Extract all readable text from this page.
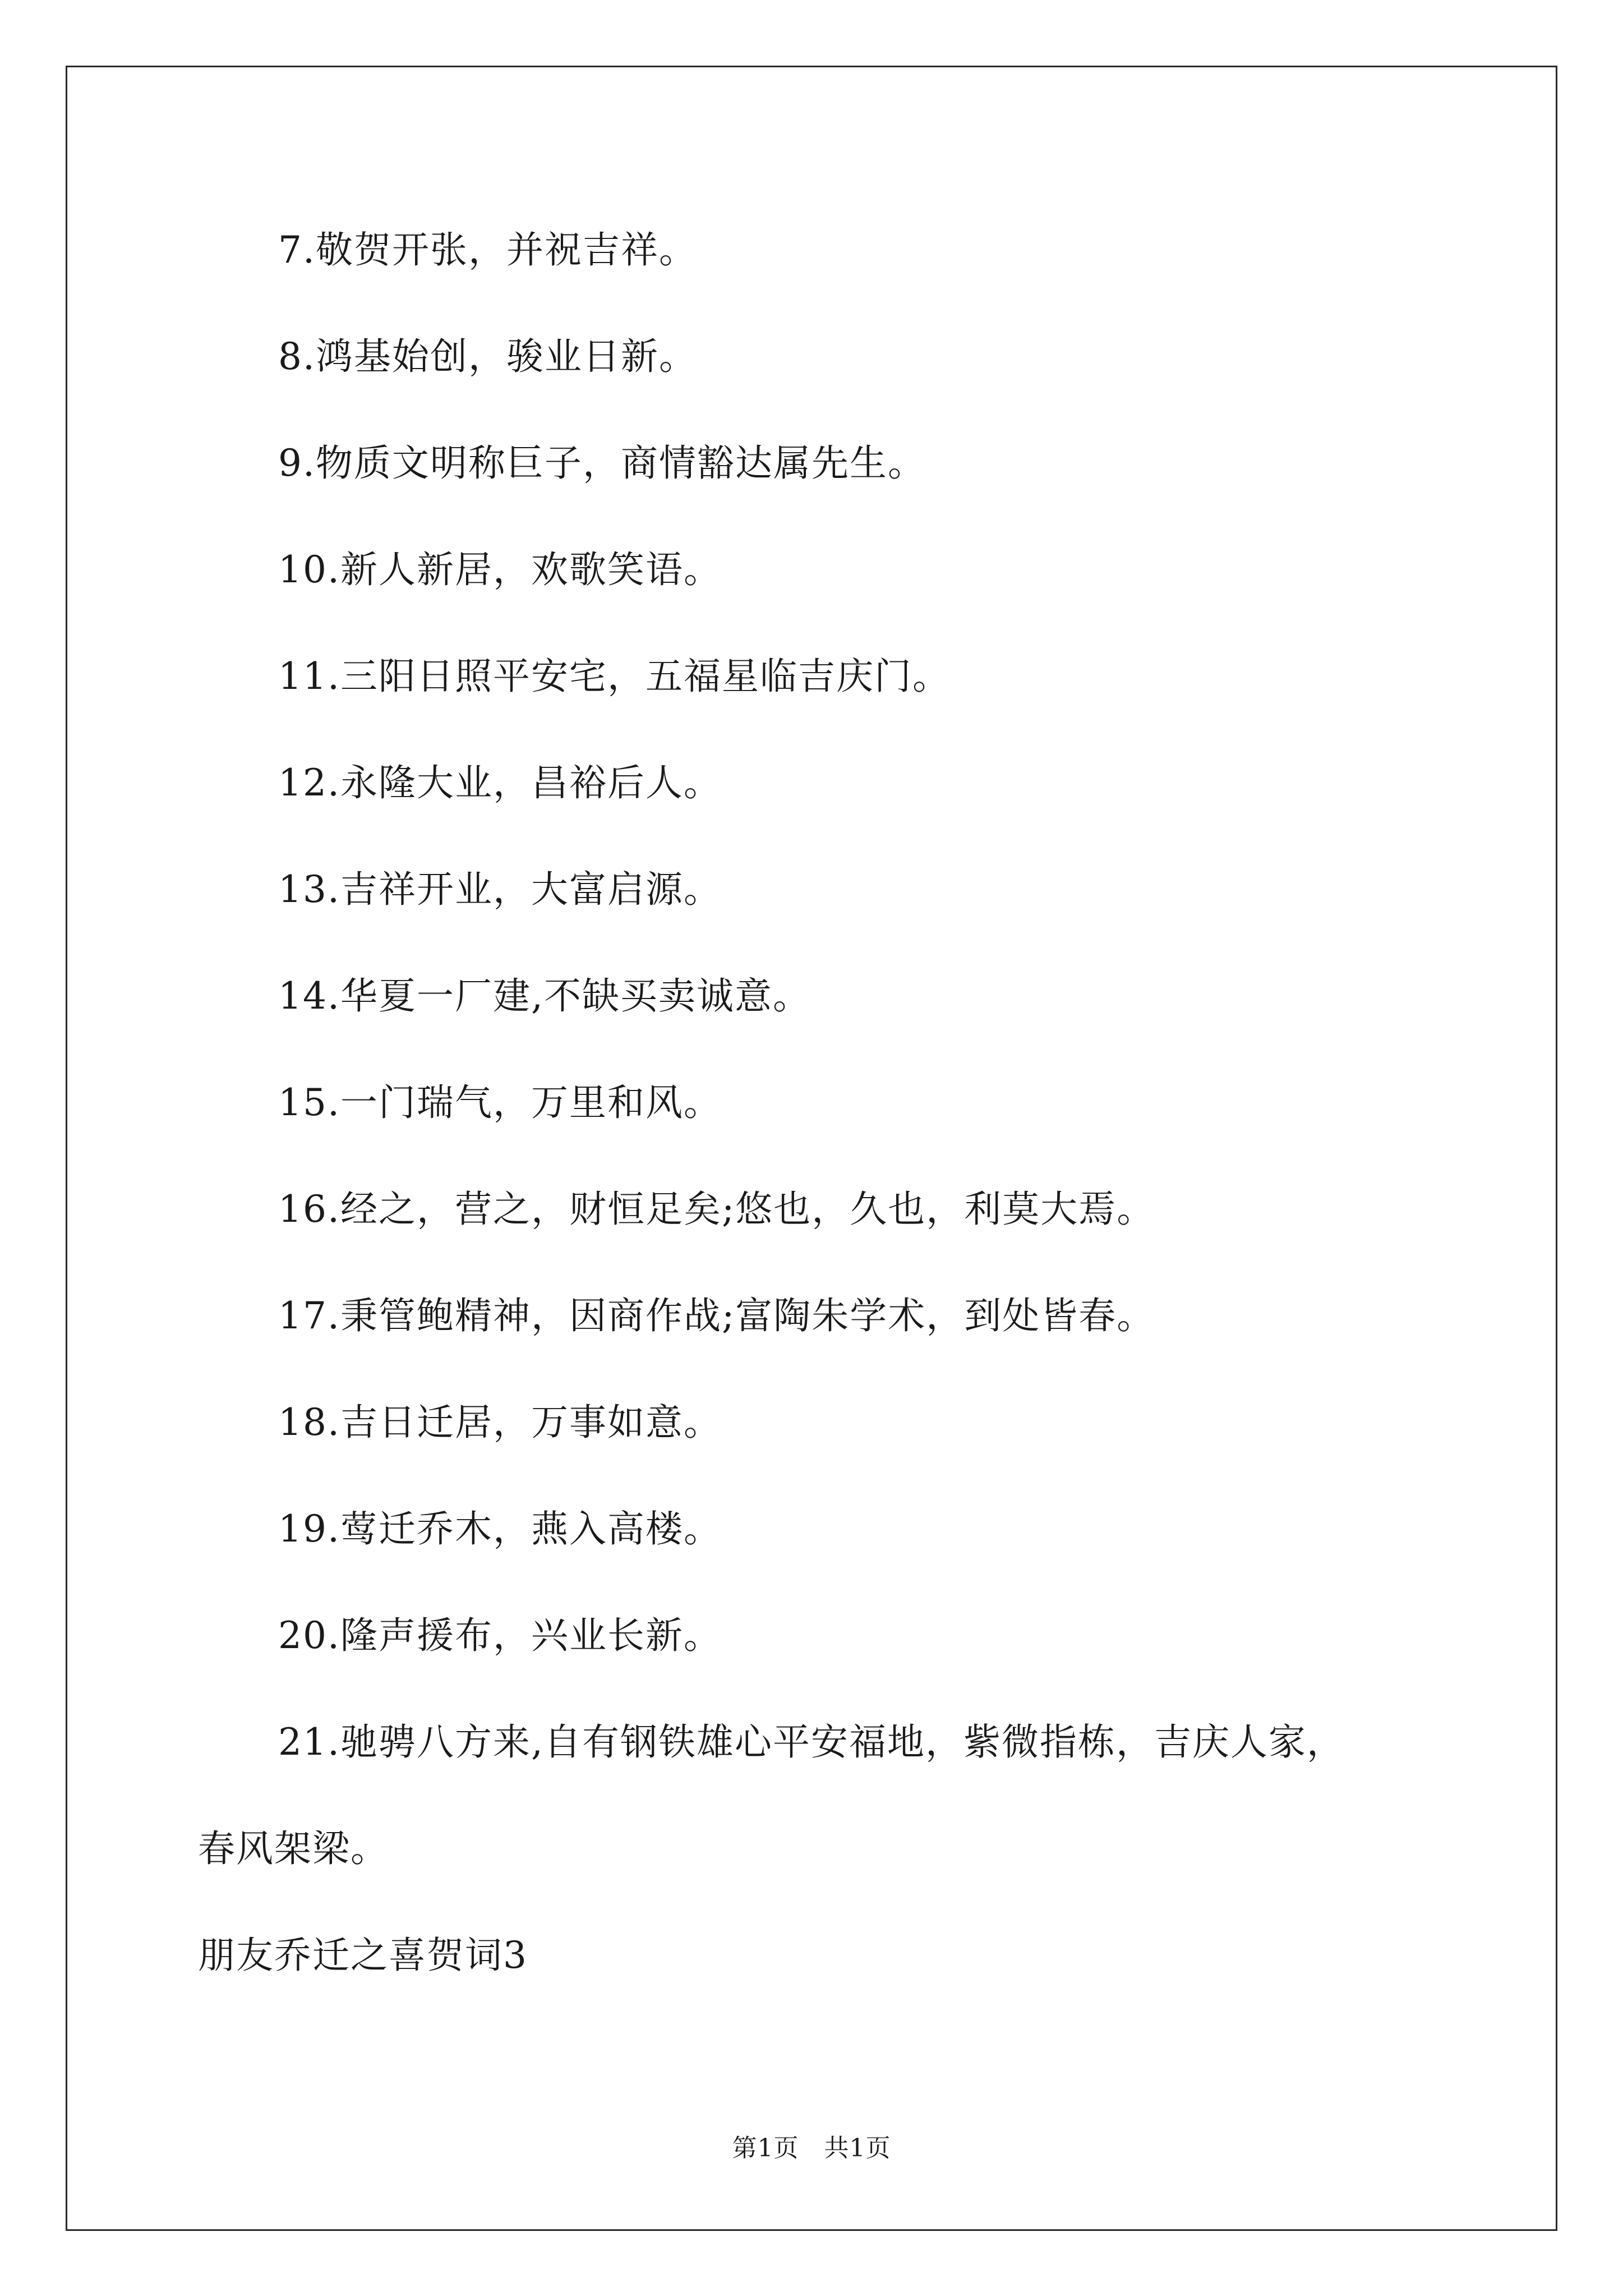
7.敬贺开张，并祝吉祥。
8.鸿基始创，骏业日新。
9.物质文明称巨子，商情豁达属先生。
10.新人新居，欢歌笑语。
11.三阳日照平安宅，五福星临吉庆门。
12.永隆大业，昌裕后人。
13.吉祥开业，大富启源。
14.华夏一厂建,不缺买卖诚意。
15.一门瑞气，万里和风。
16.经之，营之，财恒足矣;悠也，久也，利莫大焉。
17.秉管鲍精神，因商作战;富陶朱学术，到处皆春。
18.吉日迁居，万事如意。
19.莺迁乔木，燕入高楼。
20.隆声援布，兴业长新。
21.驰骋八方来,自有钢铁雄心平安福地，紫微指栋，吉庆人家，
春风架梁。
朋友乔迁之喜贺词3
第1页　共1页
